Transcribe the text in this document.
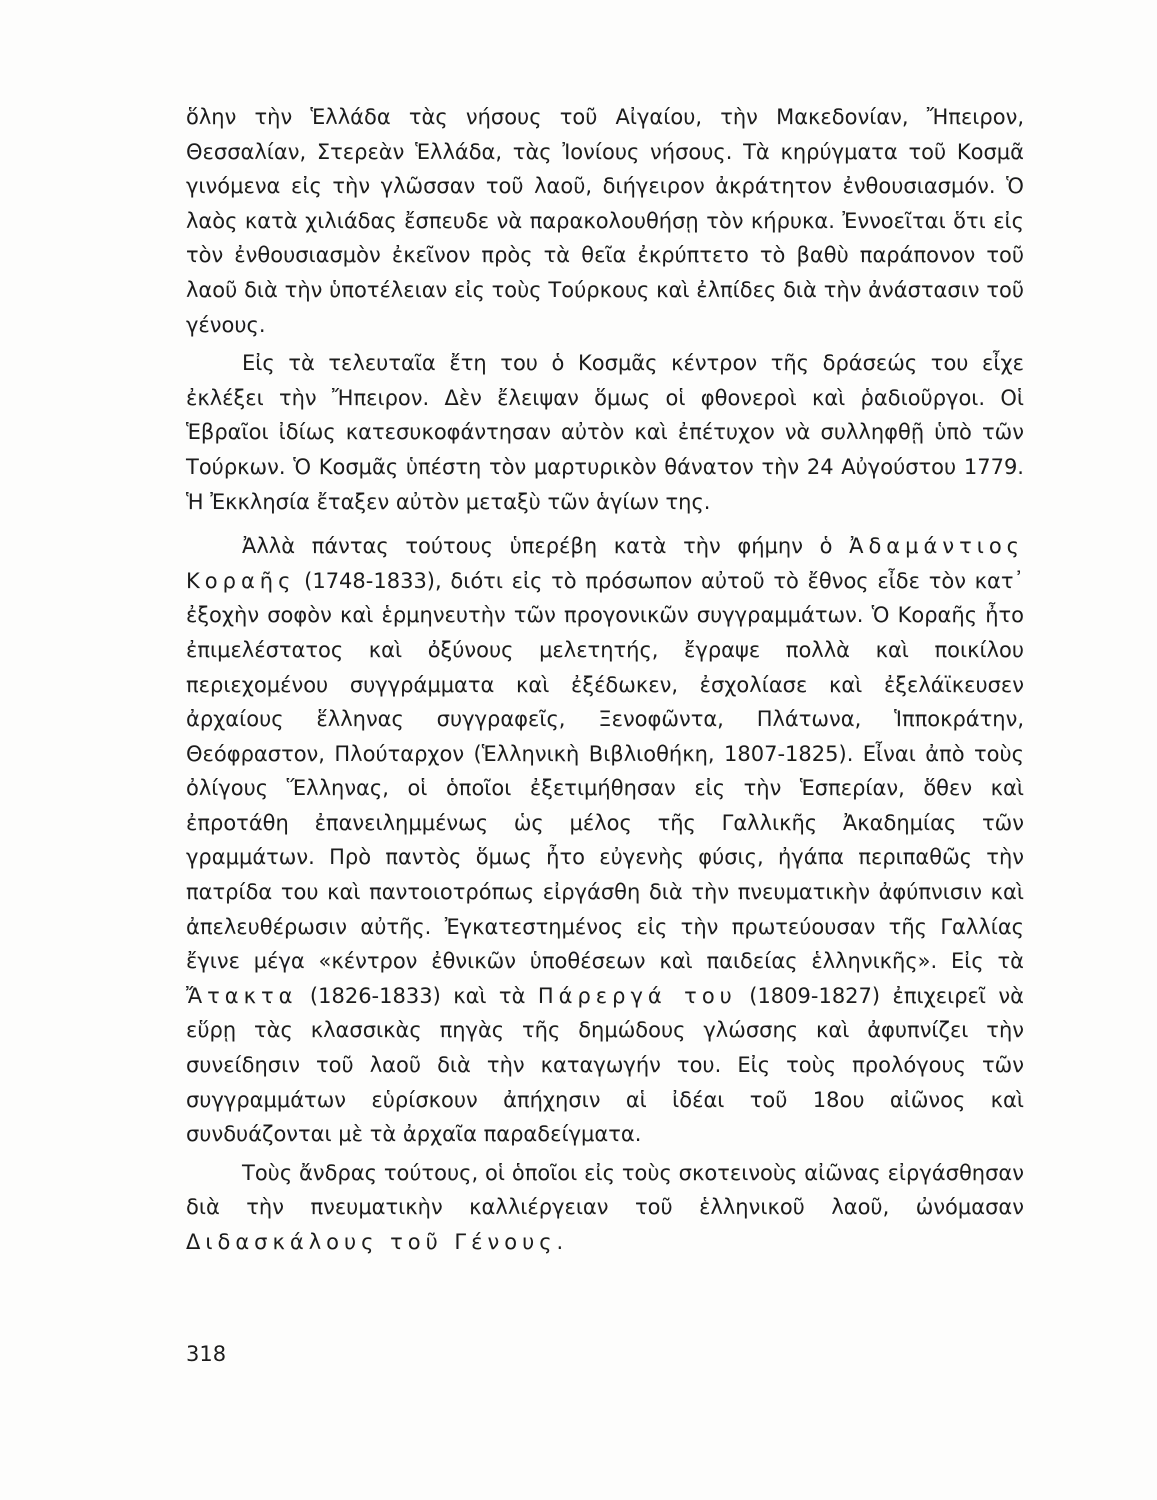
ὅλην τὴν Ἑλλάδα τὰς νήσους τοῦ Αἰγαίου, τὴν Μακεδονίαν, Ἤπειρον, Θεσσαλίαν, Στερεὰν Ἑλλάδα, τὰς Ἰονίους νήσους. Τὰ κηρύγματα τοῦ Κοσμᾶ γινόμενα εἰς τὴν γλῶσσαν τοῦ λαοῦ, διήγειρον ἀκράτητον ἐνθουσιασμόν. Ὁ λαὸς κατὰ χιλιάδας ἔσπευδε νὰ παρακολουθήσῃ τὸν κήρυκα. Ἐννοεῖται ὅτι εἰς τὸν ἐνθουσιασμὸν ἐκεῖνον πρὸς τὰ θεῖα ἐκρύπτετο τὸ βαθὺ παράπονον τοῦ λαοῦ διὰ τὴν ὑποτέλειαν εἰς τοὺς Τούρκους καὶ ἐλπίδες διὰ τὴν ἀνάστασιν τοῦ γένους.

Εἰς τὰ τελευταῖα ἔτη του ὁ Κοσμᾶς κέντρον τῆς δράσεώς του εἶχε ἐκλέξει τὴν Ἤπειρον. Δὲν ἔλειψαν ὅμως οἱ φθονεροὶ καὶ ῥαδιοῦργοι. Οἱ Ἑβραῖοι ἰδίως κατεσυκοφάντησαν αὐτὸν καὶ ἐπέτυχον νὰ συλληφθῇ ὑπὸ τῶν Τούρκων. Ὁ Κοσμᾶς ὑπέστη τὸν μαρτυρικὸν θάνατον τὴν 24 Αὐγούστου 1779. Ἡ Ἐκκλησία ἔταξεν αὐτὸν μεταξὺ τῶν ἁγίων της.

Ἀλλὰ πάντας τούτους ὑπερέβη κατὰ τὴν φήμην ὁ Ἀδαμάντιος Κοραῆς (1748-1833), διότι εἰς τὸ πρόσωπον αὐτοῦ τὸ ἔθνος εἶδε τὸν κατ᾽ ἐξοχὴν σοφὸν καὶ ἑρμηνευτὴν τῶν προγονικῶν συγγραμμάτων. Ὁ Κοραῆς ἦτο ἐπιμελέστατος καὶ ὀξύνους μελετητής, ἔγραψε πολλὰ καὶ ποικίλου περιεχομένου συγγράμματα καὶ ἐξέδωκεν, ἐσχολίασε καὶ ἐξελάϊκευσεν ἀρχαίους ἕλληνας συγγραφεῖς, Ξενοφῶντα, Πλάτωνα, Ἱπποκράτην, Θεόφραστον, Πλούταρχον (Ἑλληνικὴ Βιβλιοθήκη, 1807-1825). Εἶναι ἀπὸ τοὺς ὀλίγους Ἕλληνας, οἱ ὁποῖοι ἐξετιμήθησαν εἰς τὴν Ἑσπερίαν, ὅθεν καὶ ἐπροτάθη ἐπανειλημμένως ὡς μέλος τῆς Γαλλικῆς Ἀκαδημίας τῶν γραμμάτων. Πρὸ παντὸς ὅμως ἦτο εὐγενὴς φύσις, ἠγάπα περιπαθῶς τὴν πατρίδα του καὶ παντοιοτρόπως εἰργάσθη διὰ τὴν πνευματικὴν ἀφύπνισιν καὶ ἀπελευθέρωσιν αὐτῆς. Ἐγκατεστημένος εἰς τὴν πρωτεύουσαν τῆς Γαλλίας ἔγινε μέγα «κέντρον ἐθνικῶν ὑποθέσεων καὶ παιδείας ἑλληνικῆς». Εἰς τὰ Ἄτακτα (1826-1833) καὶ τὰ Πάρεργά του (1809-1827) ἐπιχειρεῖ νὰ εὕρῃ τὰς κλασσικὰς πηγὰς τῆς δημώδους γλώσσης καὶ ἀφυπνίζει τὴν συνείδησιν τοῦ λαοῦ διὰ τὴν καταγωγήν του. Εἰς τοὺς προλόγους τῶν συγγραμμάτων εὑρίσκουν ἀπήχησιν αἱ ἰδέαι τοῦ 18ου αἰῶνος καὶ συνδυάζονται μὲ τὰ ἀρχαῖα παραδείγματα.

Τοὺς ἄνδρας τούτους, οἱ ὁποῖοι εἰς τοὺς σκοτεινοὺς αἰῶνας εἰργάσθησαν διὰ τὴν πνευματικὴν καλλιέργειαν τοῦ ἑλληνικοῦ λαοῦ, ὠνόμασαν Διδασκάλους τοῦ Γένους.

318
